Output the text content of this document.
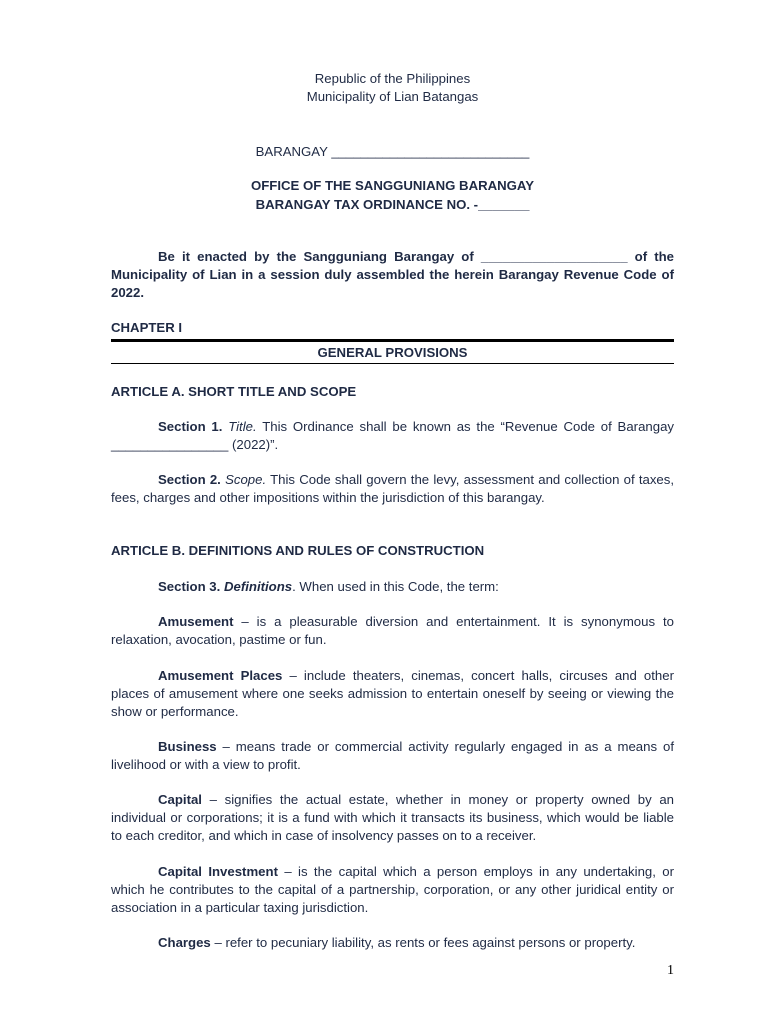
Republic of the Philippines

Municipality of Lian Batangas

BARANGAY ___________________________

OFFICE OF THE SANGGUNIANG BARANGAY

BARANGAY TAX ORDINANCE NO. -_______

Be it enacted by the Sangguniang Barangay of ____________________ of the Municipality of Lian in a session duly assembled the herein Barangay Revenue Code of 2022.

CHAPTER I

GENERAL PROVISIONS

ARTICLE A. SHORT TITLE AND SCOPE

Section 1. Title. This Ordinance shall be known as the “Revenue Code of Barangay ________________ (2022)”.

Section 2. Scope. This Code shall govern the levy, assessment and collection of taxes, fees, charges and other impositions within the jurisdiction of this barangay.

ARTICLE B. DEFINITIONS AND RULES OF CONSTRUCTION

Section 3. Definitions. When used in this Code, the term:

Amusement – is a pleasurable diversion and entertainment. It is synonymous to relaxation, avocation, pastime or fun.

Amusement Places – include theaters, cinemas, concert halls, circuses and other places of amusement where one seeks admission to entertain oneself by seeing or viewing the show or performance.

Business – means trade or commercial activity regularly engaged in as a means of livelihood or with a view to profit.

Capital – signifies the actual estate, whether in money or property owned by an individual or corporations; it is a fund with which it transacts its business, which would be liable to each creditor, and which in case of insolvency passes on to a receiver.

Capital Investment – is the capital which a person employs in any undertaking, or which he contributes to the capital of a partnership, corporation, or any other juridical entity or association in a particular taxing jurisdiction.

Charges – refer to pecuniary liability, as rents or fees against persons or property.

1
